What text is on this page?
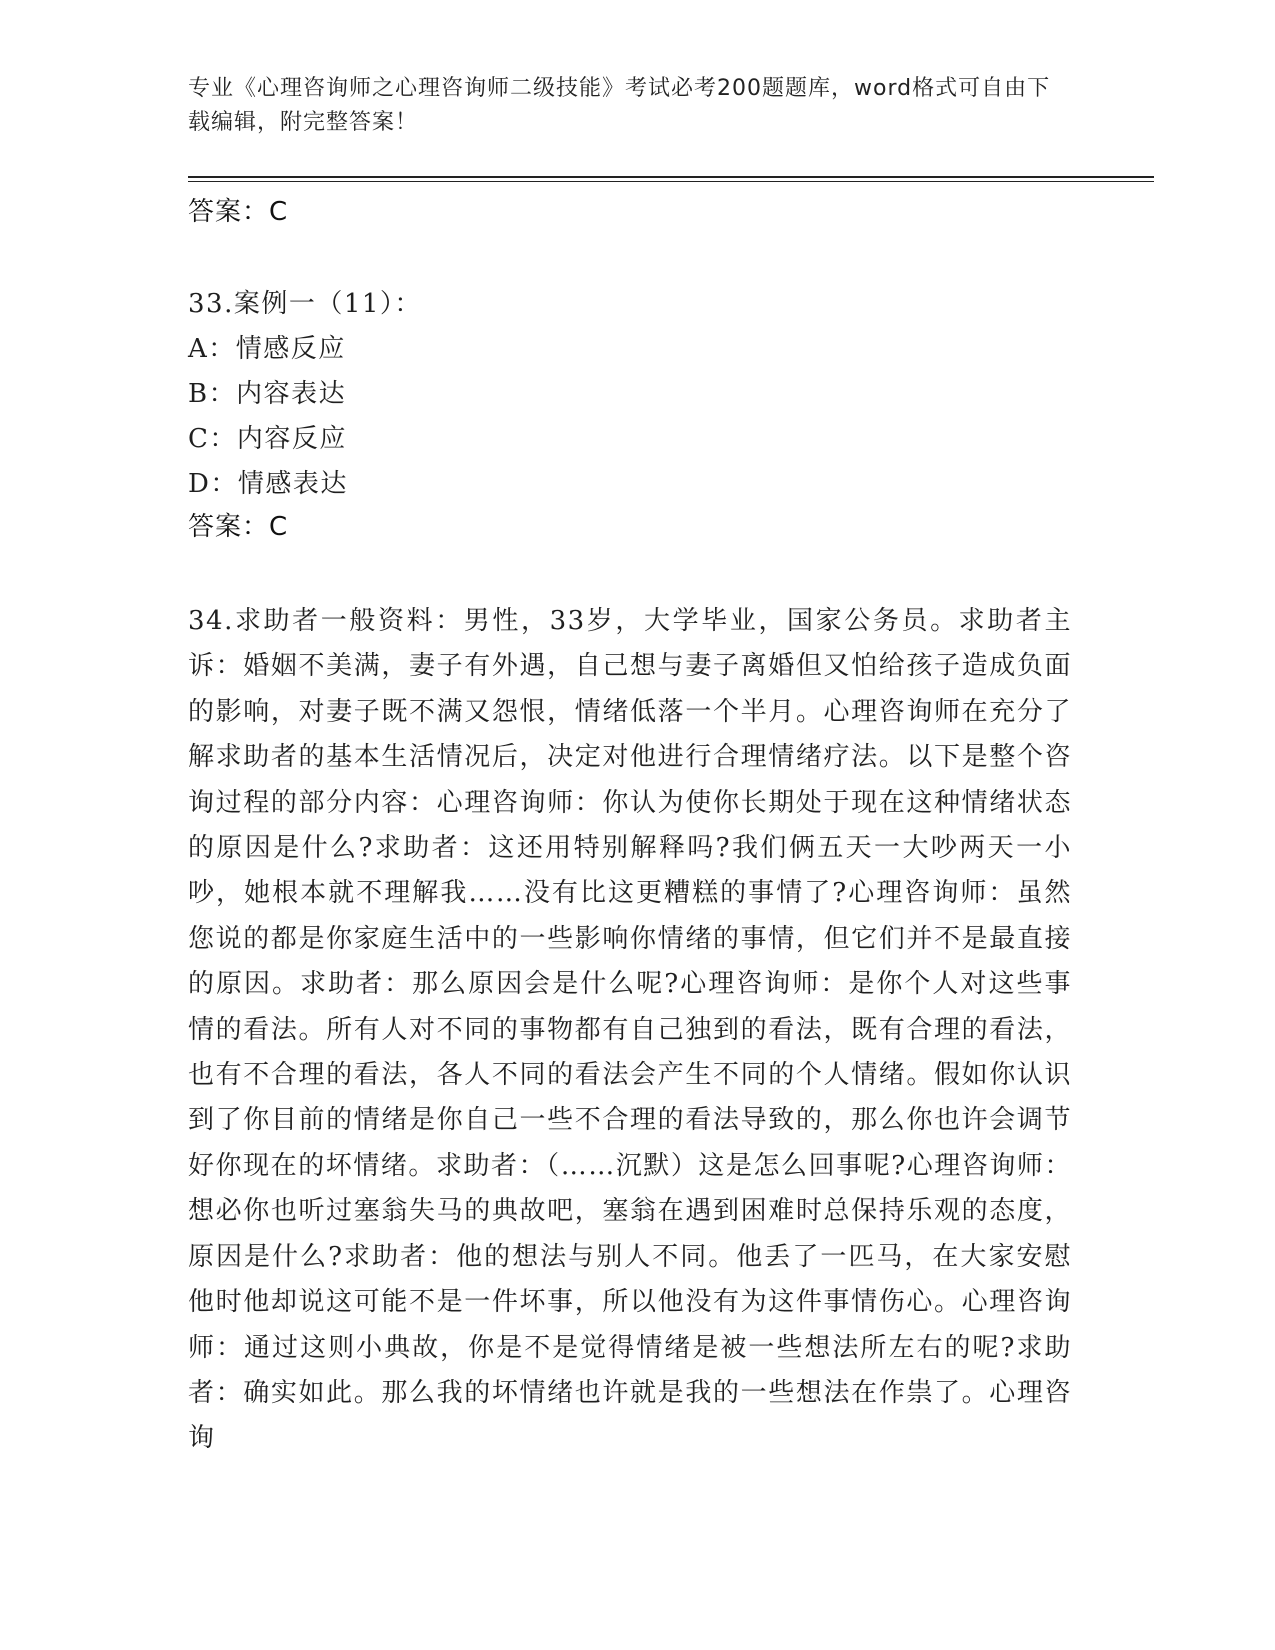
专业《心理咨询师之心理咨询师二级技能》考试必考200题题库，word格式可自由下载编辑，附完整答案！
答案：C
33.案例一（11）：
A：情感反应
B：内容表达
C：内容反应
D：情感表达
答案：C
34.求助者一般资料：男性，33岁，大学毕业，国家公务员。求助者主诉：婚姻不美满，妻子有外遇，自己想与妻子离婚但又怕给孩子造成负面的影响，对妻子既不满又怨恨，情绪低落一个半月。心理咨询师在充分了解求助者的基本生活情况后，决定对他进行合理情绪疗法。以下是整个咨询过程的部分内容：心理咨询师：你认为使你长期处于现在这种情绪状态的原因是什么?求助者：这还用特别解释吗?我们俩五天一大吵两天一小吵，她根本就不理解我……没有比这更糟糕的事情了?心理咨询师：虽然您说的都是你家庭生活中的一些影响你情绪的事情，但它们并不是最直接的原因。求助者：那么原因会是什么呢?心理咨询师：是你个人对这些事情的看法。所有人对不同的事物都有自己独到的看法，既有合理的看法，也有不合理的看法，各人不同的看法会产生不同的个人情绪。假如你认识到了你目前的情绪是你自己一些不合理的看法导致的，那么你也许会调节好你现在的坏情绪。求助者：（……沉默）这是怎么回事呢?心理咨询师：想必你也听过塞翁失马的典故吧，塞翁在遇到困难时总保持乐观的态度，原因是什么?求助者：他的想法与别人不同。他丢了一匹马，在大家安慰他时他却说这可能不是一件坏事，所以他没有为这件事情伤心。心理咨询师：通过这则小典故，你是不是觉得情绪是被一些想法所左右的呢?求助者：确实如此。那么我的坏情绪也许就是我的一些想法在作祟了。心理咨询
